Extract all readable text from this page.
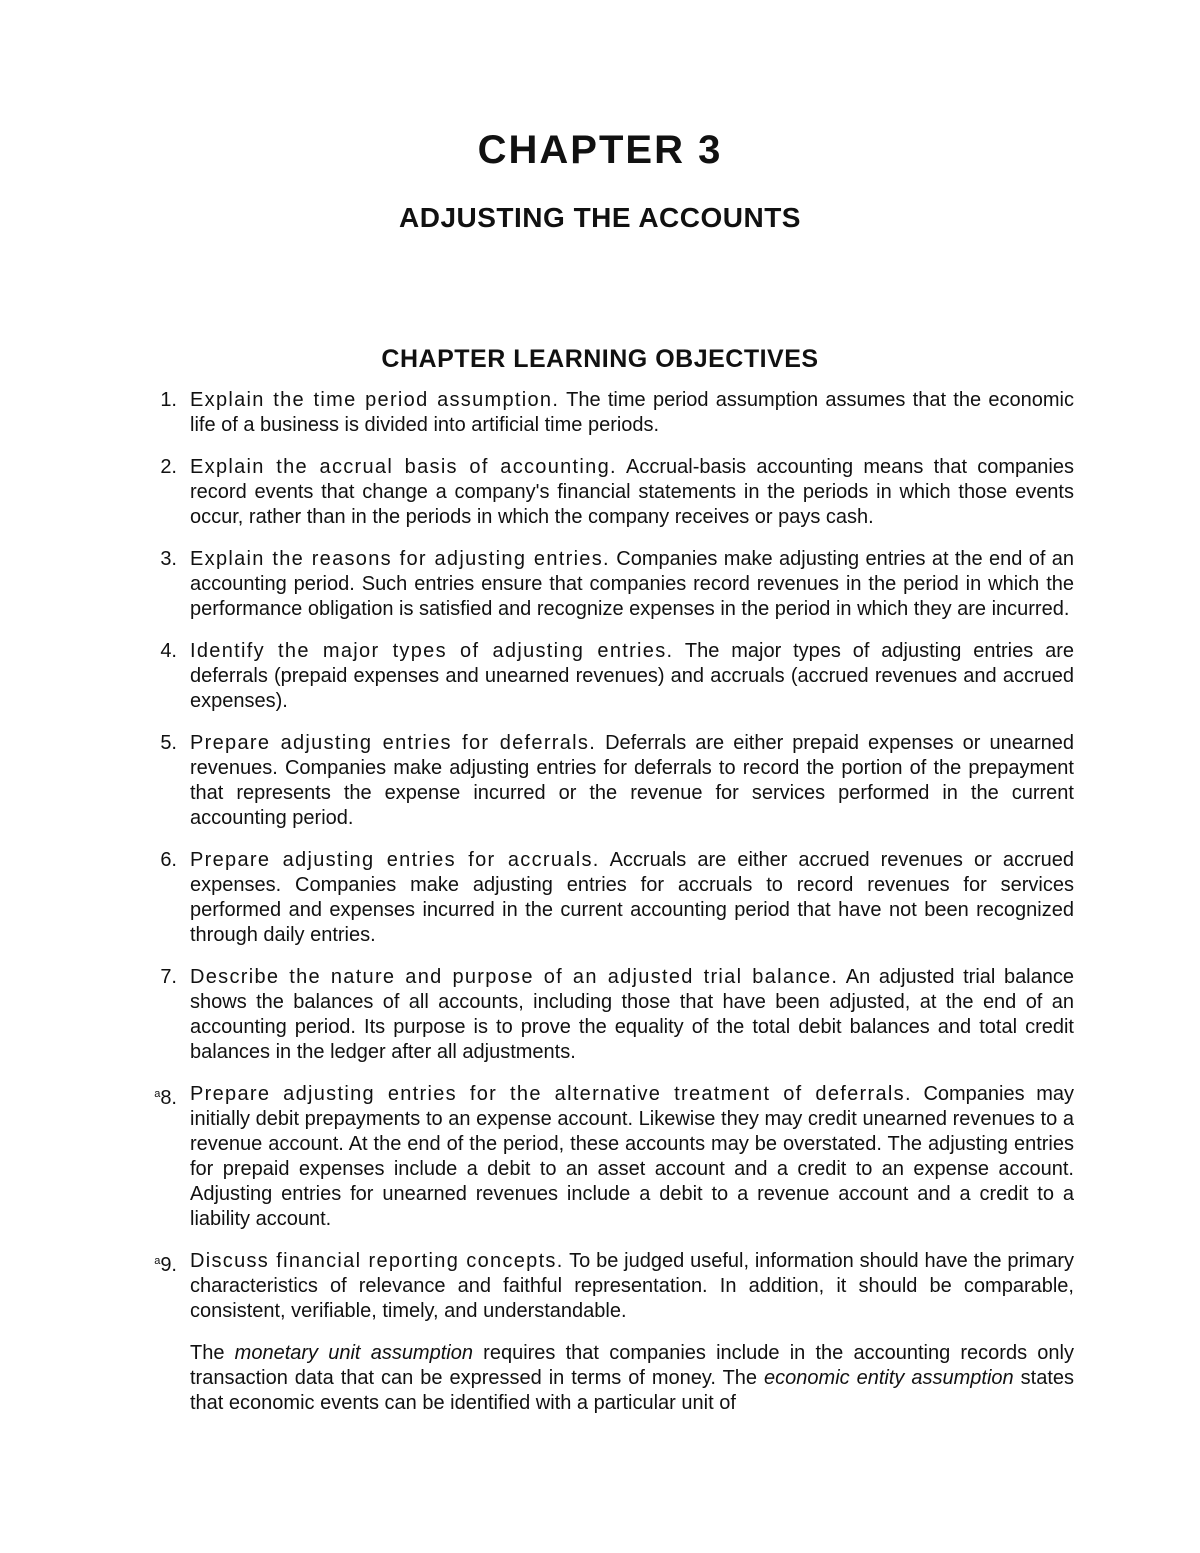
CHAPTER 3
ADJUSTING THE ACCOUNTS
CHAPTER LEARNING OBJECTIVES
1. Explain the time period assumption. The time period assumption assumes that the economic life of a business is divided into artificial time periods.
2. Explain the accrual basis of accounting. Accrual-basis accounting means that companies record events that change a company's financial statements in the periods in which those events occur, rather than in the periods in which the company receives or pays cash.
3. Explain the reasons for adjusting entries. Companies make adjusting entries at the end of an accounting period. Such entries ensure that companies record revenues in the period in which the performance obligation is satisfied and recognize expenses in the period in which they are incurred.
4. Identify the major types of adjusting entries. The major types of adjusting entries are deferrals (prepaid expenses and unearned revenues) and accruals (accrued revenues and accrued expenses).
5. Prepare adjusting entries for deferrals. Deferrals are either prepaid expenses or unearned revenues. Companies make adjusting entries for deferrals to record the portion of the prepayment that represents the expense incurred or the revenue for services performed in the current accounting period.
6. Prepare adjusting entries for accruals. Accruals are either accrued revenues or accrued expenses. Companies make adjusting entries for accruals to record revenues for services performed and expenses incurred in the current accounting period that have not been recognized through daily entries.
7. Describe the nature and purpose of an adjusted trial balance. An adjusted trial balance shows the balances of all accounts, including those that have been adjusted, at the end of an accounting period. Its purpose is to prove the equality of the total debit balances and total credit balances in the ledger after all adjustments.
$^a$8. Prepare adjusting entries for the alternative treatment of deferrals. Companies may initially debit prepayments to an expense account. Likewise they may credit unearned revenues to a revenue account. At the end of the period, these accounts may be overstated. The adjusting entries for prepaid expenses include a debit to an asset account and a credit to an expense account. Adjusting entries for unearned revenues include a debit to a revenue account and a credit to a liability account.
$^a$9. Discuss financial reporting concepts. To be judged useful, information should have the primary characteristics of relevance and faithful representation. In addition, it should be comparable, consistent, verifiable, timely, and understandable.
The monetary unit assumption requires that companies include in the accounting records only transaction data that can be expressed in terms of money. The economic entity assumption states that economic events can be identified with a particular unit of
